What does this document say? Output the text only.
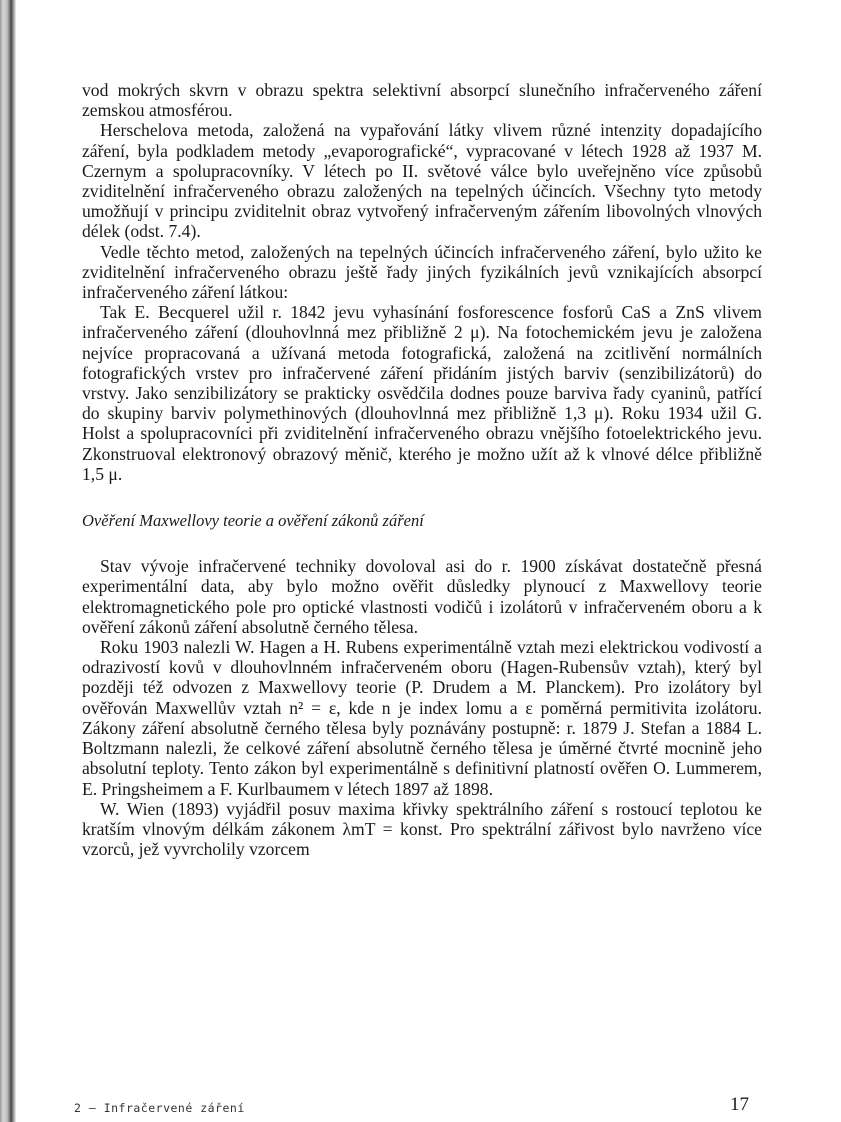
vod mokrých skvrn v obrazu spektra selektivní absorpcí slunečního infračerveného záření zemskou atmosférou.

Herschelova metoda, založená na vypařování látky vlivem různé intenzity dopadajícího záření, byla podkladem metody „evaporografické“, vypracované v létech 1928 až 1937 M. Czernym a spolupracovníky. V létech po II. světové válce bylo uveřejněno více způsobů zviditelnění infračerveného obrazu založených na tepelných účincích. Všechny tyto metody umožňují v principu zviditelnit obraz vytvořený infračerveným zářením libovolných vlnových délek (odst. 7.4).

Vedle těchto metod, založených na tepelných účincích infračerveného záření, bylo užito ke zviditelnění infračerveného obrazu ještě řady jiných fyzikálních jevů vznikajících absorpcí infračerveného záření látkou:

Tak E. Becquerel užil r. 1842 jevu vyhasínání fosforescence fosforů CaS a ZnS vlivem infračerveného záření (dlouhovlnná mez přibližně 2 μ). Na fotochemickém jevu je založena nejvíce propracovaná a užívaná metoda fotografická, založená na zcitlivění normálních fotografických vrstev pro infračervené záření přidáním jistých barviv (senzibilizátorů) do vrstvy. Jako senzibilizátory se prakticky osvědčila dodnes pouze barviva řady cyaninů, patřící do skupiny barviv polymethinových (dlouhovlnná mez přibližně 1,3 μ). Roku 1934 užil G. Holst a spolupracovníci při zviditelnění infračerveného obrazu vnějšího fotoelektrického jevu. Zkonstruoval elektronový obrazový měnič, kterého je možno užít až k vlnové délce přibližně 1,5 μ.

Ověření Maxwellovy teorie a ověření zákonů záření

Stav vývoje infračervené techniky dovoloval asi do r. 1900 získávat dostatečně přesná experimentální data, aby bylo možno ověřit důsledky plynoucí z Maxwellovy teorie elektromagnetického pole pro optické vlastnosti vodičů i izolátorů v infračerveném oboru a k ověření zákonů záření absolutně černého tělesa.

Roku 1903 nalezli W. Hagen a H. Rubens experimentálně vztah mezi elektrickou vodivostí a odrazivostí kovů v dlouhovlnném infračerveném oboru (Hagen-Rubensův vztah), který byl později též odvozen z Maxwellovy teorie (P. Drudem a M. Planckem). Pro izolátory byl ověřován Maxwellův vztah n² = ε, kde n je index lomu a ε poměrná permitivita izolátoru. Zákony záření absolutně černého tělesa byly poznávány postupně: r. 1879 J. Stefan a 1884 L. Boltzmann nalezli, že celkové záření absolutně černého tělesa je úměrné čtvrté mocnině jeho absolutní teploty. Tento zákon byl experimentálně s definitivní platností ověřen O. Lummerem, E. Pringsheimem a F. Kurlbaumem v létech 1897 až 1898.

W. Wien (1893) vyjádřil posuv maxima křivky spektrálního záření s rostoucí teplotou ke kratším vlnovým délkám zákonem λmT = konst. Pro spektrální zářivost bylo navrženo více vzorců, jež vyvrcholily vzorcem

2 — Infračervené záření	17
